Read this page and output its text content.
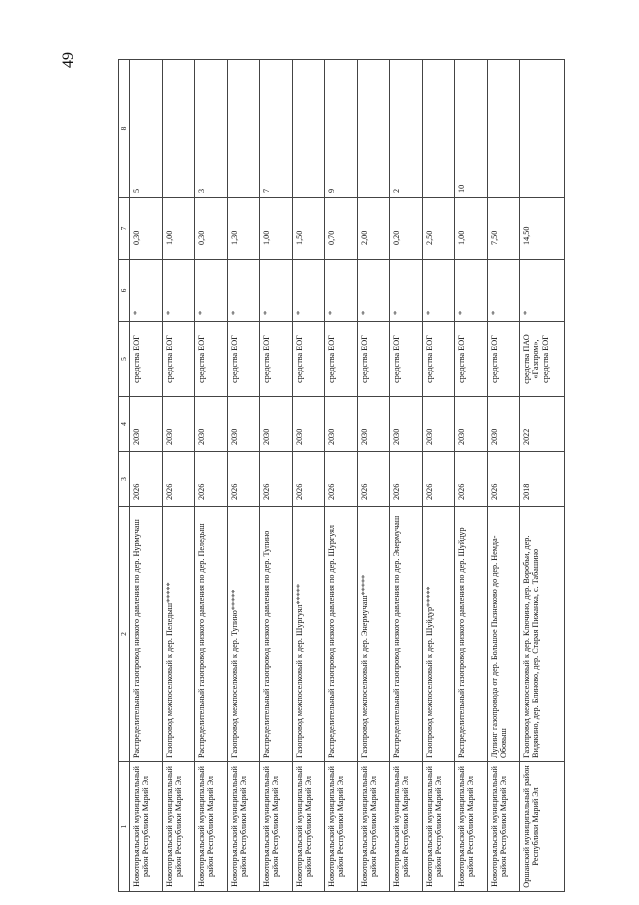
49
1	2	3	4	5	6	7	8
Новоторъяльский муниципальный район Республики Марий Эл	Распределительный газопровод низкого давления по дер. Нурмучаш	2026	2030	средства ЕОГ	*	0,30	5
Новоторъяльский муниципальный район Республики Марий Эл	Газопровод межпоселковый к дер. Пеледыш*****	2026	2030	средства ЕОГ	*	1,00	
Новоторъяльский муниципальный район Республики Марий Эл	Распределительный газопровод низкого давления по дер. Пеледыш	2026	2030	средства ЕОГ	*	0,30	3
Новоторъяльский муниципальный район Республики Марий Эл	Газопровод межпоселковый к дер. Тупино*****	2026	2030	средства ЕОГ	*	1,30	
Новоторъяльский муниципальный район Республики Марий Эл	Распределительный газопровод низкого давления по дер. Тупино	2026	2030	средства ЕОГ	*	1,00	7
Новоторъяльский муниципальный район Республики Марий Эл	Газопровод межпоселковый к дер. Шургуял*****	2026	2030	средства ЕОГ	*	1,50	
Новоторъяльский муниципальный район Республики Марий Эл	Распределительный газопровод низкого давления по дер. Шургуял	2026	2030	средства ЕОГ	*	0,70	9
Новоторъяльский муниципальный район Республики Марий Эл	Газопровод межпоселковый к дер. Энермучаш*****	2026	2030	средства ЕОГ	*	2,00	
Новоторъяльский муниципальный район Республики Марий Эл	Распределительный газопровод низкого давления по дер. Энермучаш	2026	2030	средства ЕОГ	*	0,20	2
Новоторъяльский муниципальный район Республики Марий Эл	Газопровод межпоселковый к дер. Шуйдур*****	2026	2030	средства ЕОГ	*	2,50	
Новоторъяльский муниципальный район Республики Марий Эл	Распределительный газопровод низкого давления по дер. Шуйдур	2026	2030	средства ЕОГ	*	1,00	10
Новоторъяльский муниципальный район Республики Марий Эл	Лупинг газопровода от дер. Большое Пызнеково до дер. Немда-Обовыш	2026	2030	средства ЕОГ	*	7,50	
Оршанский муниципальный район Республики Марий Эл	Газопровод межпоселковый к дер. Ключино, дер. Воробьи, дер. Видякино, дер. Блиново, дер. Старая Пижанка, с. Табашино	2018	2022	средства ПАО «Газпром», средства ЕОГ	*	14,50	
